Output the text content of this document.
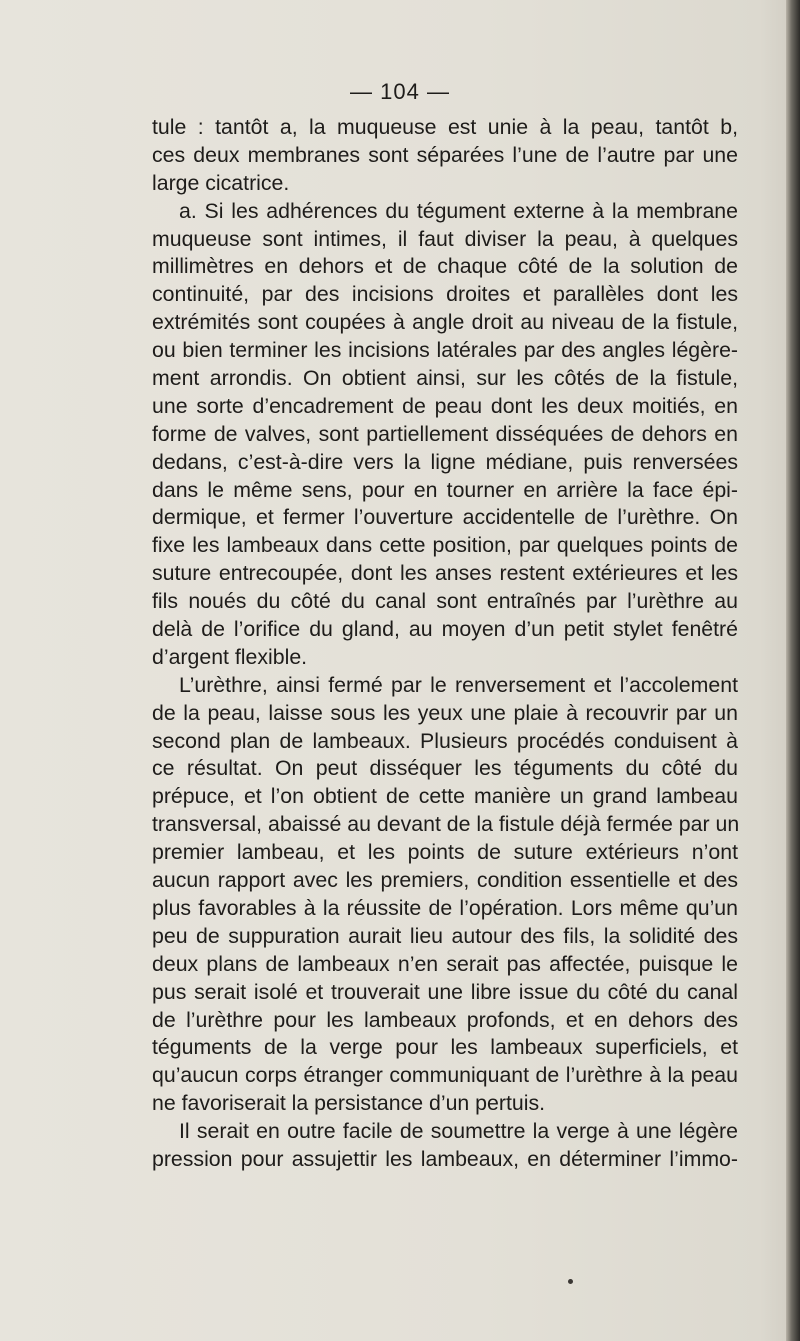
— 104 —
tule : tantôt a, la muqueuse est unie à la peau, tantôt b,
ces deux membranes sont séparées l’une de l’autre par une
large cicatrice.
a. Si les adhérences du tégument externe à la membrane
muqueuse sont intimes, il faut diviser la peau, à quelques
millimètres en dehors et de chaque côté de la solution de
continuité, par des incisions droites et parallèles dont les
extrémités sont coupées à angle droit au niveau de la fistule,
ou bien terminer les incisions latérales par des angles légère-
ment arrondis. On obtient ainsi, sur les côtés de la fistule,
une sorte d’encadrement de peau dont les deux moitiés, en
forme de valves, sont partiellement disséquées de dehors en
dedans, c’est-à-dire vers la ligne médiane, puis renversées
dans le même sens, pour en tourner en arrière la face épi-
dermique, et fermer l’ouverture accidentelle de l’urèthre. On
fixe les lambeaux dans cette position, par quelques points de
suture entrecoupée, dont les anses restent extérieures et les
fils noués du côté du canal sont entraînés par l’urèthre au
delà de l’orifice du gland, au moyen d’un petit stylet fenêtré
d’argent flexible.
L’urèthre, ainsi fermé par le renversement et l’accolement
de la peau, laisse sous les yeux une plaie à recouvrir par un
second plan de lambeaux. Plusieurs procédés conduisent à
ce résultat. On peut disséquer les téguments du côté du
prépuce, et l’on obtient de cette manière un grand lambeau
transversal, abaissé au devant de la fistule déjà fermée par un
premier lambeau, et les points de suture extérieurs n’ont
aucun rapport avec les premiers, condition essentielle et des
plus favorables à la réussite de l’opération. Lors même qu’un
peu de suppuration aurait lieu autour des fils, la solidité des
deux plans de lambeaux n’en serait pas affectée, puisque le
pus serait isolé et trouverait une libre issue du côté du canal
de l’urèthre pour les lambeaux profonds, et en dehors des
téguments de la verge pour les lambeaux superficiels, et
qu’aucun corps étranger communiquant de l’urèthre à la peau
ne favoriserait la persistance d’un pertuis.
Il serait en outre facile de soumettre la verge à une légère
pression pour assujettir les lambeaux, en déterminer l’immo-
